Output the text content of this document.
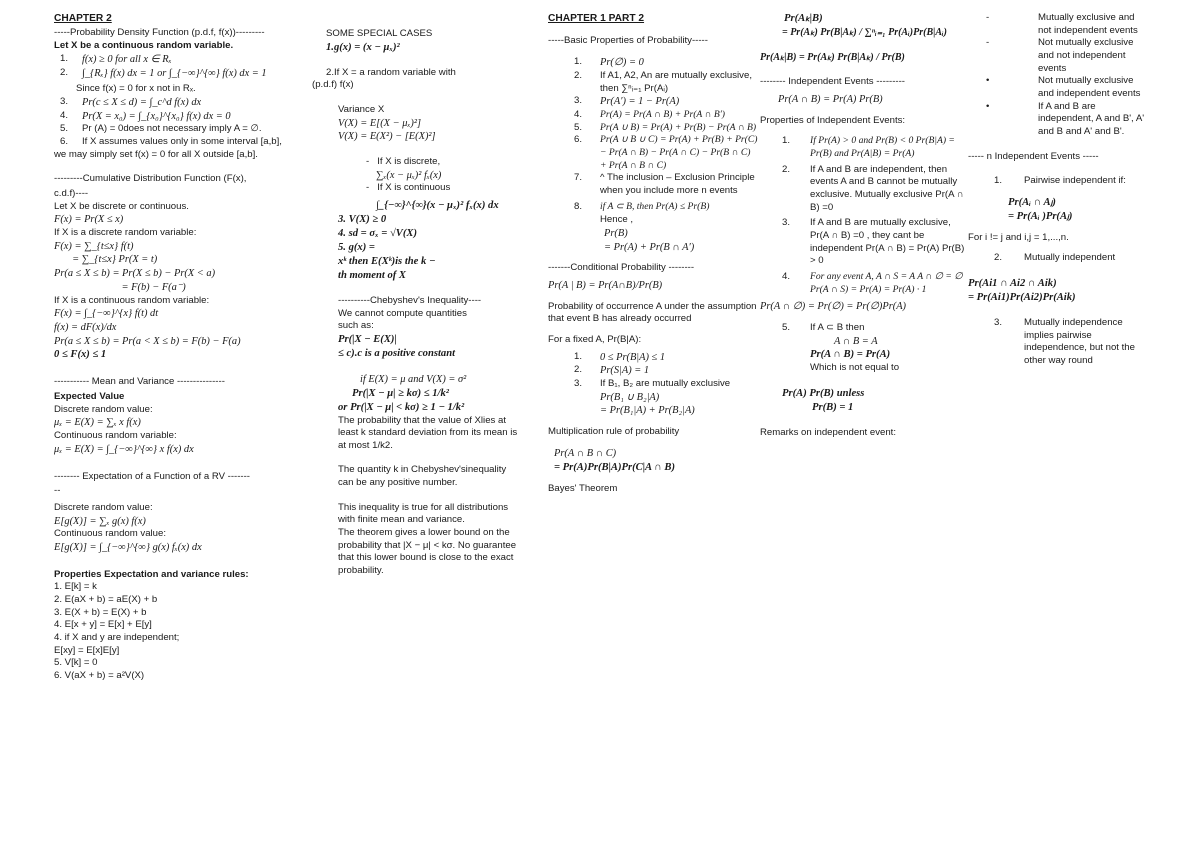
CHAPTER 2
-----Probability Density Function (p.d.f, f(x))---------
Let X be a continuous random variable.
1.	f(x) ≥ 0 for all x ∈ Rₓ
2.	∫_{Rₓ} f(x) dx = 1 or ∫_{−∞}^{∞} f(x) dx = 1
Since f(x) = 0 for x not in Rₓ.
3.	Pr(c ≤ X ≤ d) = ∫_c^d f(x) dx
4.	Pr(X = x₀) = ∫_{x₀}^{x₀} f(x) dx = 0
5.	Pr (A) = 0does not necessary imply A = ∅.
6.	If X assumes values only in some interval [a,b],
we may simply set f(x) = 0 for all X outside [a,b].
---------Cumulative Distribution Function (F(x),
c.d.f)----
Let X be discrete or continuous.
F(x) = Pr(X ≤ x)
If X is a discrete random variable:
F(x) = ∑_{t≤x} f(t)
= ∑_{t≤x} Pr(X = t)
Pr(a ≤ X ≤ b) = Pr(X ≤ b) − Pr(X < a)
= F(b) − F(a⁻)
If X is a continuous random variable:
F(x) = ∫_{−∞}^{x} f(t) dt
f(x) = dF(x)/dx
Pr(a ≤ X ≤ b) = Pr(a < X ≤ b) = F(b) − F(a)
0 ≤ F(x) ≤ 1
----------- Mean and Variance ---------------
Expected Value
Discrete random value:
μₓ = E(X) = ∑ₓ x f(x)
Continuous random variable:
μₓ = E(X) = ∫_{−∞}^{∞} x f(x) dx
-------- Expectation of a Function of a RV -------
--
Discrete random value:
E[g(X)] = ∑ₓ g(x) f(x)
Continuous random value:
E[g(X)] = ∫_{−∞}^{∞} g(x) fₓ(x) dx
Properties Expectation and variance rules:
1. E[k] = k
2. E(aX + b) = aE(X) + b
3. E(X + b) = E(X) + b
4. E[x + y] = E[x] + E[y]
4. if X and y are independent;
E[xy] = E[x]E[y]
5. V[k] = 0
6. V(aX + b) = a²V(X)
SOME SPECIAL CASES
1.g(x) = (x − μₓ)²
2.If X = a random variable with
(p.d.f) f(x)
Variance X
V(X) = E[(X − μₓ)²]
V(X) = E(X²) − [E(X)²]
-   If X is discrete,
∑ₓ(x − μₓ)² fₓ(x)
-   If X is continuous
∫_{−∞}^{∞}(x − μₓ)² fₓ(x) dx
3. V(X) ≥ 0
4. sd = σₓ = √V(X)
5. g(x) =
xᵏ then E(Xᵏ)is the k −
th moment of X
----------Chebyshev's Inequality----
We cannot compute quantities
such as:
Pr(|X − E(X)|
≤ c).c is a positive constant
if E(X) = μ and V(X) = σ²
Pr(|X − μ| ≥ kσ) ≤ 1/k²
or Pr(|X − μ| < kσ) ≥ 1 − 1/k²
The probability that the value of Xlies at least k standard deviation from its mean is at most 1/k2.
The quantity k in Chebyshev'sinequality can be any positive number.
This inequality is true for all distributions with finite mean and variance.
The theorem gives a lower bound on the probability that |X − μ| < kσ. No guarantee that this lower bound is close to the exact probability.
CHAPTER 1 PART 2
-----Basic Properties of Probability-----
1.	Pr(∅) = 0
2.	If A1, A2, An are mutually exclusive, then ∑ⁿᵢ₌₁ Pr(Aᵢ)
3.	Pr(A′) = 1 − Pr(A)
4.	Pr(A) = Pr(A ∩ B) + Pr(A ∩ B′)
5.	Pr(A ∪ B) = Pr(A) + Pr(B) − Pr(A ∩ B)
6.	Pr(A ∪ B ∪ C) = Pr(A) + Pr(B) + Pr(C) − Pr(A ∩ B) − Pr(A ∩ C) − Pr(B ∩ C) + Pr(A ∩ B ∩ C)
7.	^ The inclusion – Exclusion Principle when you include more n events
8.	if A ⊂ B, then Pr(A) ≤ Pr(B)
Hence ,
Pr(B)
= Pr(A) + Pr(B ∩ A′)
-------Conditional Probability --------
Pr(A | B) = Pr(A∩B)/Pr(B)
Probability of occurrence A under the assumption that event B has already occurred
For a fixed A, Pr(B|A):
1.	0 ≤ Pr(B|A) ≤ 1
2.	Pr(S|A) = 1
3.	If B₁, B₂ are mutually exclusive
Pr(B₁ ∪ B₂|A)
= Pr(B₁|A) + Pr(B₂|A)
Multiplication rule of probability
Pr(A ∩ B ∩ C)
= Pr(A)Pr(B|A)Pr(C|A ∩ B)
Bayes' Theorem
Pr(Aₖ|B)
= Pr(Aₖ) Pr(B|Aₖ) / ∑ⁿᵢ₌₁ Pr(Aᵢ)Pr(B|Aᵢ)
Pr(Aₖ|B) = Pr(Aₖ) Pr(B|Aₖ) / Pr(B)
-------- Independent Events ---------
Pr(A ∩ B) = Pr(A) Pr(B)
Properties of Independent Events:
1.	If Pr(A) > 0 and Pr(B) < 0 Pr(B|A) = Pr(B) and Pr(A|B) = Pr(A)
2.	If A and B are independent, then events A and B cannot be mutually exclusive. Mutually exclusive Pr(A ∩ B) =0
3.	If A and B are mutually exclusive, Pr(A ∩ B) =0 , they cant be independent Pr(A ∩ B) = Pr(A) Pr(B) > 0
4.	For any event A, A ∩ S = A A ∩ ∅ = ∅ Pr(A ∩ S) = Pr(A) = Pr(A) · 1
Pr(A ∩ ∅) = Pr(∅) = Pr(∅)Pr(A)
5.	If A ⊂ B then
A ∩ B = A
Pr(A ∩ B) = Pr(A)
Which is not equal to
Pr(A) Pr(B) unless
Pr(B) = 1
Remarks on independent event:
-	Mutually exclusive and not independent events
-	Not mutually exclusive and not independent events
•	Not mutually exclusive and independent events
•	If A and B are independent, A and B', A' and B and A' and B'.
----- n Independent Events -----
1.	Pairwise independent if:
Pr(Aᵢ ∩ Aⱼ)
= Pr(Aᵢ )Pr(Aⱼ)
For i != j and i,j = 1,...,n.
2.	Mutually independent
Pr(Ai1 ∩ Ai2 ∩ Aik)
= Pr(Ai1)Pr(Ai2)Pr(Aik)
3.	Mutually independence implies pairwise independence, but not the other way round
